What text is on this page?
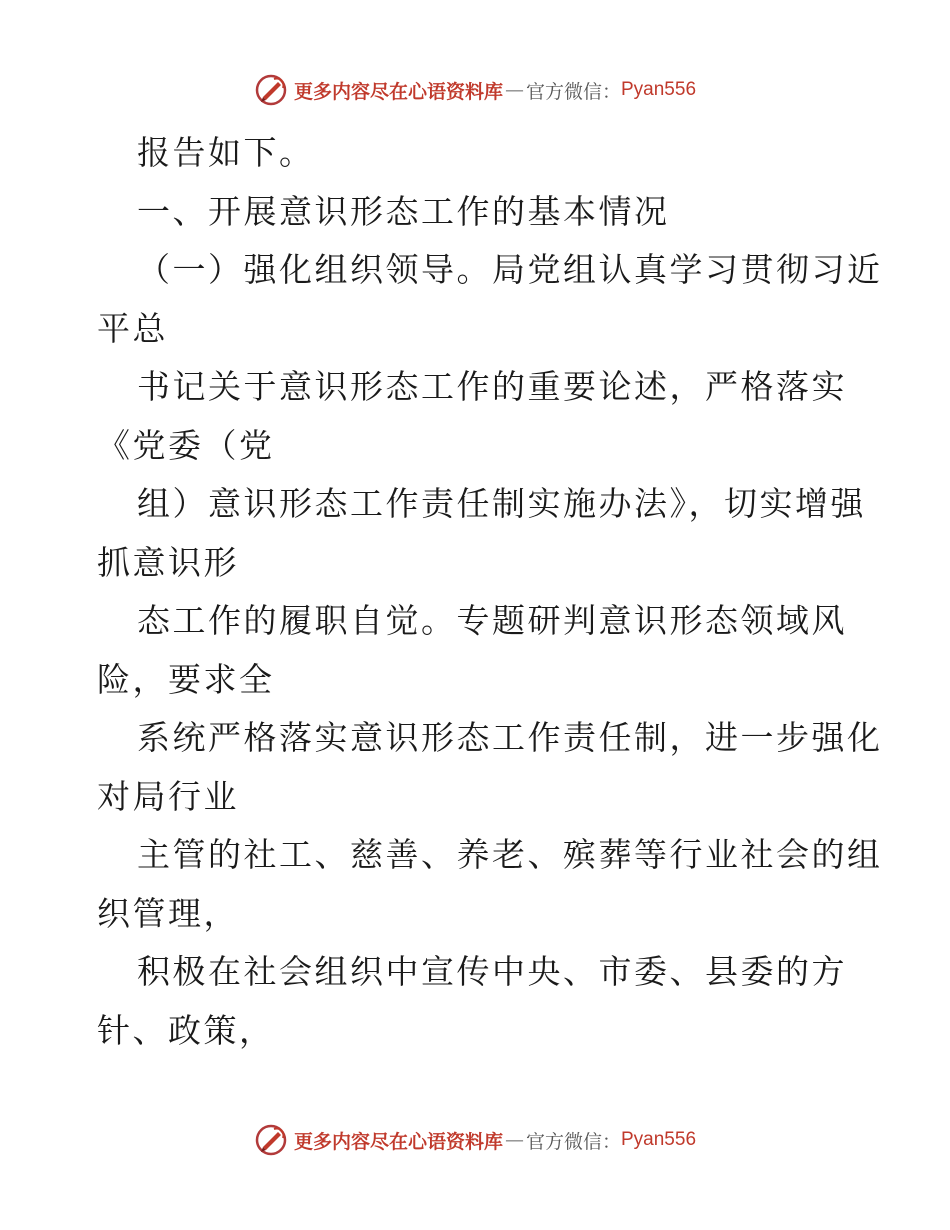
更多内容尽在心语资料库 — 官方微信： Pyan556
报告如下。
一、开展意识形态工作的基本情况
（一）强化组织领导。局党组认真学习贯彻习近
平总
书记关于意识形态工作的重要论述，严格落实
《党委（党
组）意识形态工作责任制实施办法》，切实增强
抓意识形
态工作的履职自觉。专题研判意识形态领域风
险，要求全
系统严格落实意识形态工作责任制，进一步强化
对局行业
主管的社工、慈善、养老、殡葬等行业社会的组
织管理，
积极在社会组织中宣传中央、市委、县委的方
针、政策，
更多内容尽在心语资料库 — 官方微信： Pyan556
